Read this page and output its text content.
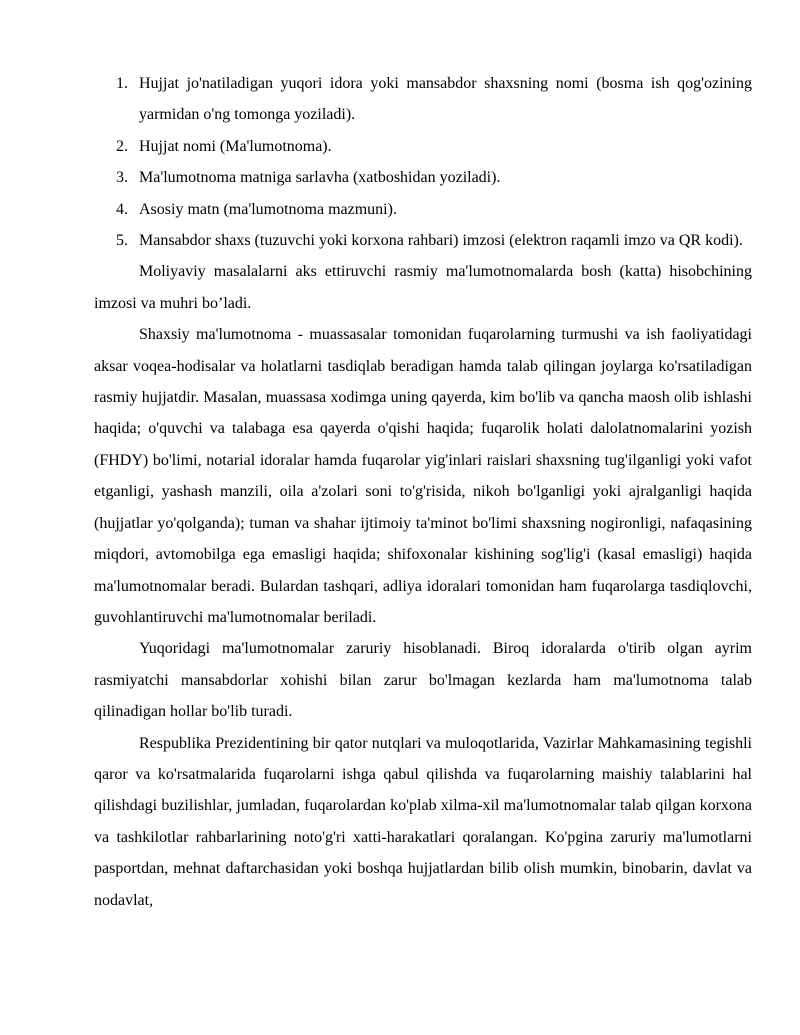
1. Hujjat jo'natiladigan yuqori idora yoki mansabdor shaxsning nomi (bosma ish qog'ozining yarmidan o'ng tomonga yoziladi).
2. Hujjat nomi (Ma'lumotnoma).
3. Ma'lumotnoma matniga sarlavha (xatboshidan yoziladi).
4. Asosiy matn (ma'lumotnoma mazmuni).
5. Mansabdor shaxs (tuzuvchi yoki korxona rahbari) imzosi (elektron raqamli imzo va QR kodi).

Moliyaviy masalalarni aks ettiruvchi rasmiy ma'lumotnomalarda bosh (katta) hisobchining imzosi va muhri bo’ladi.

Shaxsiy ma'lumotnoma - muassasalar tomonidan fuqarolarning turmushi va ish faoliyatidagi aksar voqea-hodisalar va holatlarni tasdiqlab beradigan hamda talab qilingan joylarga ko'rsatiladigan rasmiy hujjatdir. Masalan, muassasa xodimga uning qayerda, kim bo'lib va qancha maosh olib ishlashi haqida; o'quvchi va talabaga esa qayerda o'qishi haqida; fuqarolik holati dalolatnomalarini yozish (FHDY) bo'limi, notarial idoralar hamda fuqarolar yig'inlari raislari shaxsning tug'ilganligi yoki vafot etganligi, yashash manzili, oila a'zolari soni to'g'risida, nikoh bo'lganligi yoki ajralganligi haqida (hujjatlar yo'qolganda); tuman va shahar ijtimoiy ta'minot bo'limi shaxsning nogironligi, nafaqasining miqdori, avtomobilga ega emasligi haqida; shifoxonalar kishining sog'lig'i (kasal emasligi) haqida ma'lumotnomalar beradi. Bulardan tashqari, adliya idoralari tomonidan ham fuqarolarga tasdiqlovchi, guvohlantiruvchi ma'lumotnomalar beriladi.

Yuqoridagi ma'lumotnomalar zaruriy hisoblanadi. Biroq idoralarda o'tirib olgan ayrim rasmiyatchi mansabdorlar xohishi bilan zarur bo'lmagan kezlarda ham ma'lumotnoma talab qilinadigan hollar bo'lib turadi.

Respublika Prezidentining bir qator nutqlari va muloqotlarida, Vazirlar Mahkamasining tegishli qaror va ko'rsatmalarida fuqarolarni ishga qabul qilishda va fuqarolarning maishiy talablarini hal qilishdagi buzilishlar, jumladan, fuqarolardan ko'plab xilma-xil ma'lumotnomalar talab qilgan korxona va tashkilotlar rahbarlarining noto'g'ri xatti-harakatlari qoralangan. Ko'pgina zaruriy ma'lumotlarni pasportdan, mehnat daftarchasidan yoki boshqa hujjatlardan bilib olish mumkin, binobarin, davlat va nodavlat,
